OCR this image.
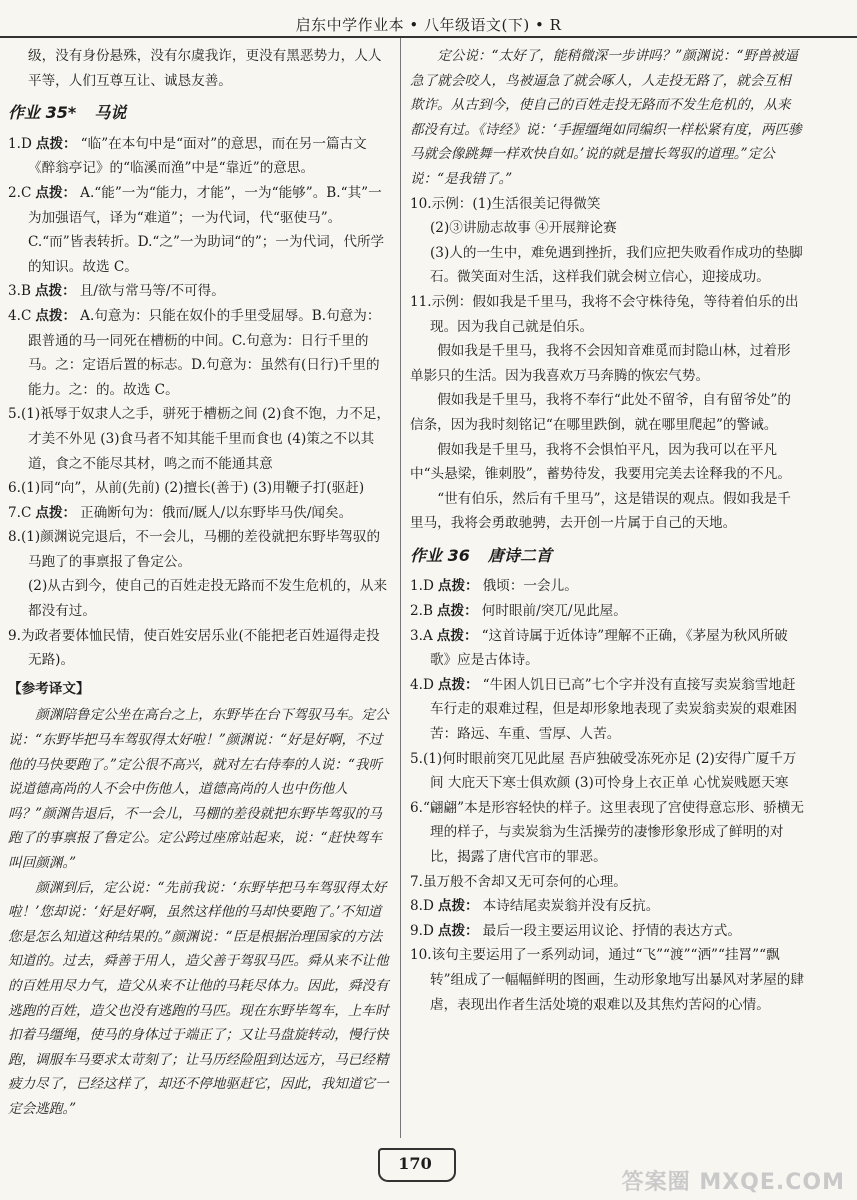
启东中学作业本 • 八年级语文(下) • R

级，没有身份悬殊，没有尔虞我诈，更没有黑恶势力，人人平等，人们互尊互让、诚恳友善。

作业 35* 马说

1.D 点拨： “临”在本句中是“面对”的意思，而在另一篇古文《醉翁亭记》的“临溪而渔”中是“靠近”的意思。

2.C 点拨： A.“能”一为“能力，才能”，一为“能够”。B.“其”一为加强语气，译为“难道”；一为代词，代“驱使马”。C.“而”皆表转折。D.“之”一为助词“的”；一为代词，代所学的知识。故选 C。

3.B 点拨： 且/欲与常马等/不可得。

4.C 点拨： A.句意为：只能在奴仆的手里受屈辱。B.句意为：跟普通的马一同死在槽枥的中间。C.句意为：日行千里的马。之：定语后置的标志。D.句意为：虽然有(日行)千里的能力。之：的。故选 C。

5.(1)祇辱于奴隶人之手，骈死于槽枥之间 (2)食不饱，力不足，才美不外见 (3)食马者不知其能千里而食也 (4)策之不以其道，食之不能尽其材，鸣之而不能通其意

6.(1)同“向”，从前(先前) (2)擅长(善于) (3)用鞭子打(驱赶)

7.C 点拨： 正确断句为：俄而/厩人/以东野毕马佚/闻矣。

8.(1)颜渊说完退后，不一会儿，马棚的差役就把东野毕驾驭的马跑了的事禀报了鲁定公。

(2)从古到今，使自己的百姓走投无路而不发生危机的，从来都没有过。

9.为政者要体恤民情，使百姓安居乐业(不能把老百姓逼得走投无路)。

【参考译文】

颜渊陪鲁定公坐在高台之上，东野毕在台下驾驭马车。定公说：“东野毕把马车驾驭得太好啦！”颜渊说：“好是好啊，不过他的马快要跑了。”定公很不高兴，就对左右侍奉的人说：“我听说道德高尚的人不会中伤他人，道德高尚的人也中伤他人吗？”颜渊告退后，不一会儿，马棚的差役就把东野毕驾驭的马跑了的事禀报了鲁定公。定公跨过座席站起来，说：“赶快驾车叫回颜渊。”

颜渊到后，定公说：“先前我说：‘东野毕把马车驾驭得太好啦！’您却说：‘好是好啊，虽然这样他的马却快要跑了。’不知道您是怎么知道这种结果的。”颜渊说：“臣是根据治理国家的方法知道的。过去，舜善于用人，造父善于驾驭马匹。舜从来不让他的百姓用尽力气，造父从来不让他的马耗尽体力。因此，舜没有逃跑的百姓，造父也没有逃跑的马匹。现在东野毕驾车，上车时扣着马缰绳，使马的身体过于端正了；又让马盘旋转动，慢行快跑，调服车马要求太苛刻了；让马历经险阻到达远方，马已经精疲力尽了，已经这样了，却还不停地驱赶它，因此，我知道它一定会逃跑。”

定公说：“太好了，能稍微深一步讲吗？”颜渊说：“野兽被逼急了就会咬人，鸟被逼急了就会啄人，人走投无路了，就会互相欺诈。从古到今，使自己的百姓走投无路而不发生危机的，从来都没有过。《诗经》说：‘手握缰绳如同编织一样松紧有度，两匹骖马就会像跳舞一样欢快自如。’说的就是擅长驾驭的道理。”定公说：“是我错了。”

10.示例：(1)生活很美记得微笑

(2)③讲励志故事 ④开展辩论赛

(3)人的一生中，难免遇到挫折，我们应把失败看作成功的垫脚石。微笑面对生活，这样我们就会树立信心，迎接成功。

11.示例：假如我是千里马，我将不会守株待兔，等待着伯乐的出现。因为我自己就是伯乐。

假如我是千里马，我将不会因知音难觅而封隐山林，过着形单影只的生活。因为我喜欢万马奔腾的恢宏气势。

假如我是千里马，我将不奉行“此处不留爷，自有留爷处”的信条，因为我时刻铭记“在哪里跌倒，就在哪里爬起”的警诫。

假如我是千里马，我将不会惧怕平凡，因为我可以在平凡中“头悬梁，锥刺股”，蓄势待发，我要用完美去诠释我的不凡。

“世有伯乐，然后有千里马”，这是错误的观点。假如我是千里马，我将会勇敢驰骋，去开创一片属于自己的天地。

作业 36 唐诗二首

1.D 点拨： 俄顷：一会儿。

2.B 点拨： 何时眼前/突兀/见此屋。

3.A 点拨： “这首诗属于近体诗”理解不正确，《茅屋为秋风所破歌》应是古体诗。

4.D 点拨： “牛困人饥日已高”七个字并没有直接写卖炭翁雪地赶车行走的艰难过程，但是却形象地表现了卖炭翁卖炭的艰难困苦：路远、车重、雪厚、人苦。

5.(1)何时眼前突兀见此屋 吾庐独破受冻死亦足 (2)安得广厦千万间 大庇天下寒士俱欢颜 (3)可怜身上衣正单 心忧炭贱愿天寒

6.“翩翩”本是形容轻快的样子。这里表现了宫使得意忘形、骄横无理的样子，与卖炭翁为生活操劳的凄惨形象形成了鲜明的对比，揭露了唐代宫市的罪恶。

7.虽万般不舍却又无可奈何的心理。

8.D 点拨： 本诗结尾卖炭翁并没有反抗。

9.D 点拨： 最后一段主要运用议论、抒情的表达方式。

10.该句主要运用了一系列动词，通过“飞”“渡”“洒”“挂罥”“飘转”组成了一幅幅鲜明的图画，生动形象地写出暴风对茅屋的肆虐，表现出作者生活处境的艰难以及其焦灼苦闷的心情。

170
答案圈 MXQE.COM
